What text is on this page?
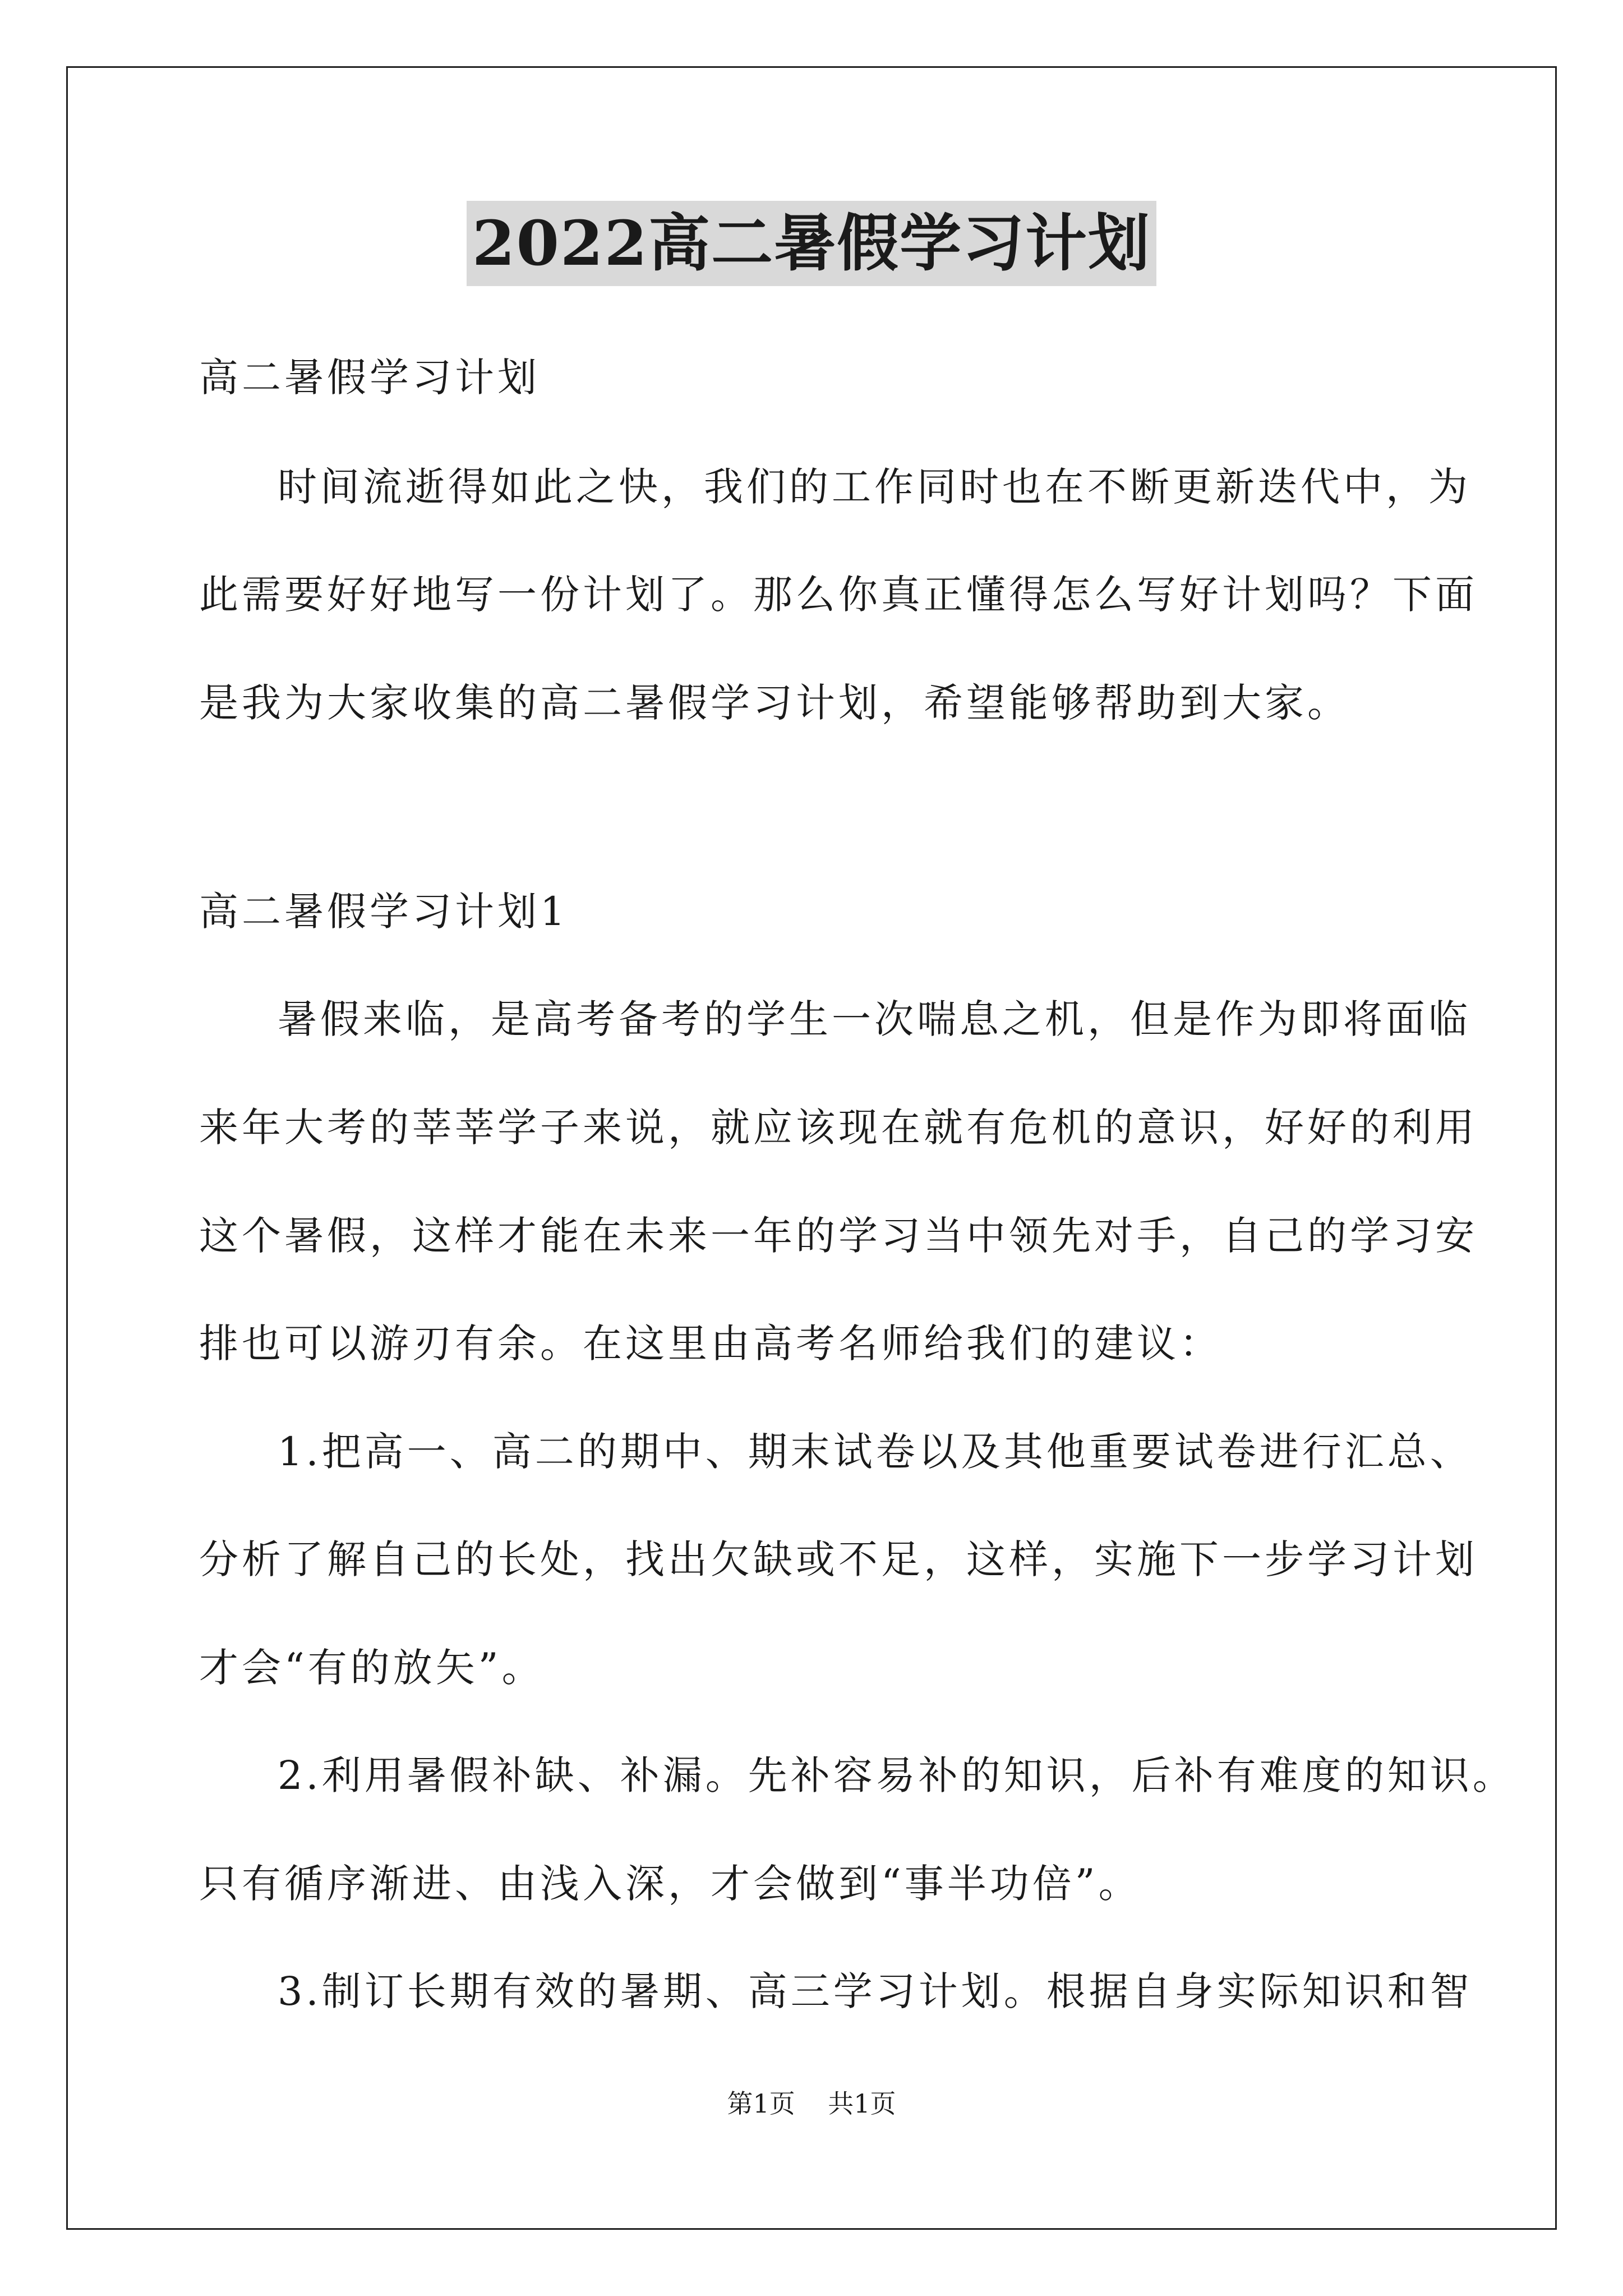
2022高二暑假学习计划
高二暑假学习计划
时间流逝得如此之快，我们的工作同时也在不断更新迭代中，为
此需要好好地写一份计划了。那么你真正懂得怎么写好计划吗？下面
是我为大家收集的高二暑假学习计划，希望能够帮助到大家。
高二暑假学习计划1
暑假来临，是高考备考的学生一次喘息之机，但是作为即将面临
来年大考的莘莘学子来说，就应该现在就有危机的意识，好好的利用
这个暑假，这样才能在未来一年的学习当中领先对手，自己的学习安
排也可以游刃有余。在这里由高考名师给我们的建议：
1.把高一、高二的期中、期末试卷以及其他重要试卷进行汇总、
分析了解自己的长处，找出欠缺或不足，这样，实施下一步学习计划
才会“有的放矢”。
2.利用暑假补缺、补漏。先补容易补的知识，后补有难度的知识。
只有循序渐进、由浅入深，才会做到“事半功倍”。
3.制订长期有效的暑期、高三学习计划。根据自身实际知识和智
第1页    共1页
